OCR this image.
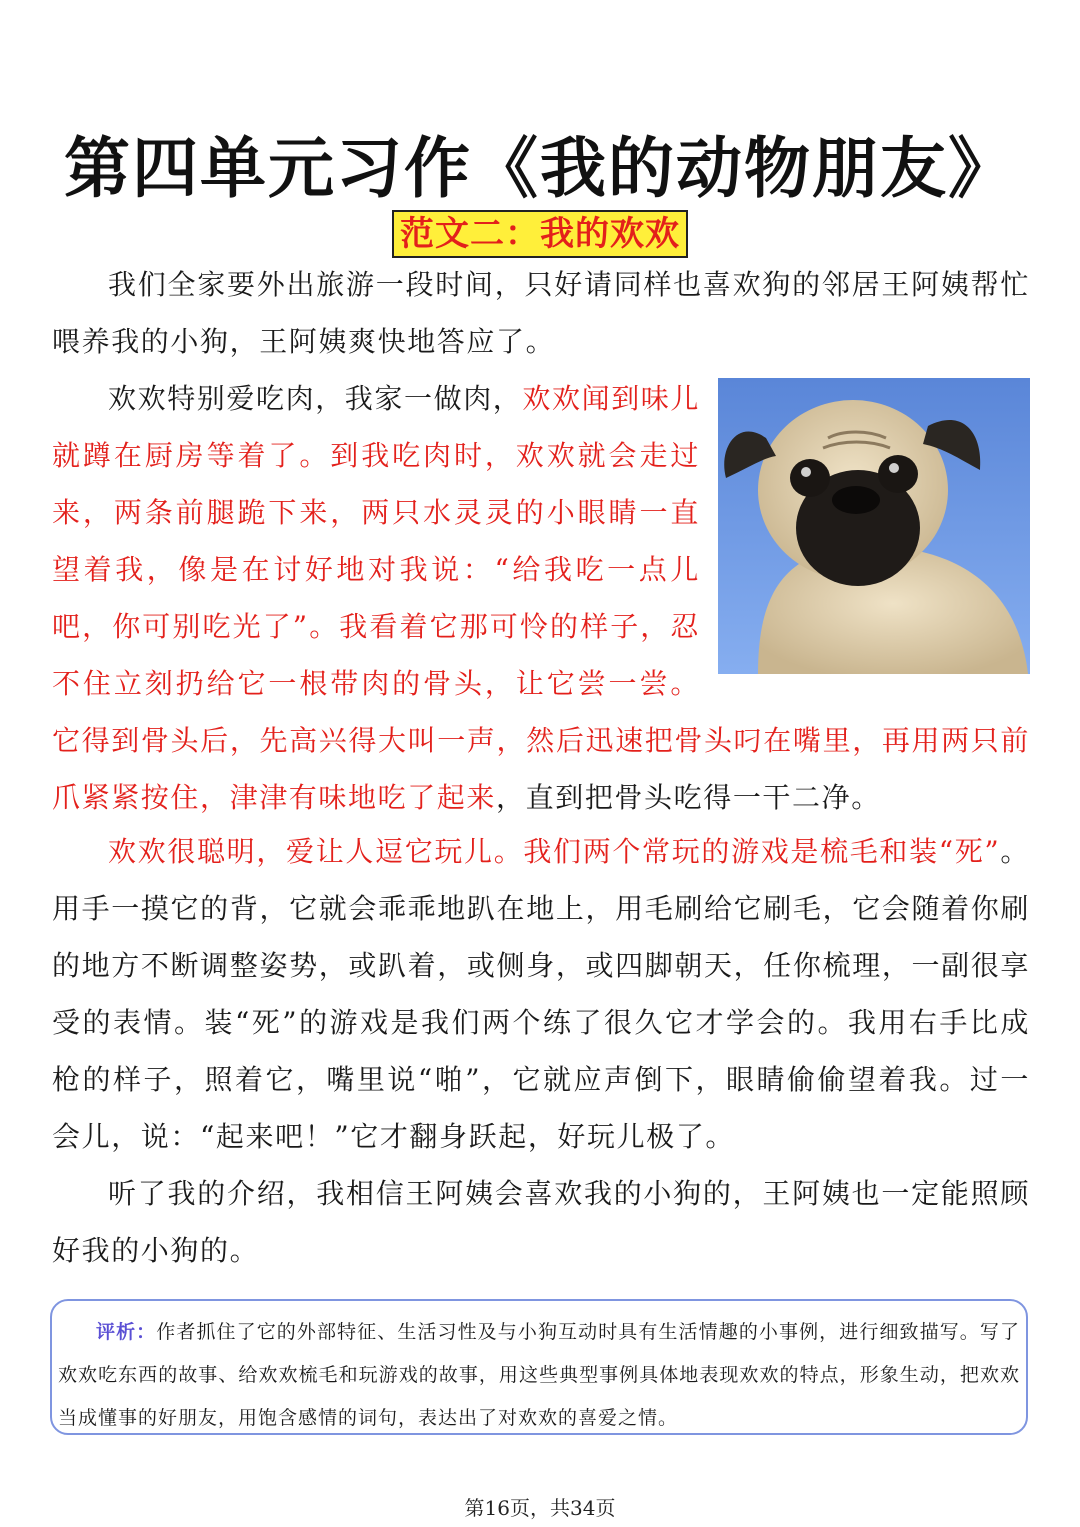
第四单元习作《我的动物朋友》
范文二：我的欢欢

我们全家要外出旅游一段时间，只好请同样也喜欢狗的邻居王阿姨帮忙喂养我的小狗，王阿姨爽快地答应了。

欢欢特别爱吃肉，我家一做肉，欢欢闻到味儿就蹲在厨房等着了。到我吃肉时，欢欢就会走过来，两条前腿跪下来，两只水灵灵的小眼睛一直望着我，像是在讨好地对我说：“给我吃一点儿吧，你可别吃光了”。我看着它那可怜的样子，忍不住立刻扔给它一根带肉的骨头，让它尝一尝。它得到骨头后，先高兴得大叫一声，然后迅速把骨头叼在嘴里，再用两只前爪紧紧按住，津津有味地吃了起来，直到把骨头吃得一干二净。

欢欢很聪明，爱让人逗它玩儿。我们两个常玩的游戏是梳毛和装“死”。用手一摸它的背，它就会乖乖地趴在地上，用毛刷给它刷毛，它会随着你刷的地方不断调整姿势，或趴着，或侧身，或四脚朝天，任你梳理，一副很享受的表情。装“死”的游戏是我们两个练了很久它才学会的。我用右手比成枪的样子，照着它，嘴里说“啪”，它就应声倒下，眼睛偷偷望着我。过一会儿，说：“起来吧！”它才翻身跃起，好玩儿极了。

听了我的介绍，我相信王阿姨会喜欢我的小狗的，王阿姨也一定能照顾好我的小狗的。

评析：作者抓住了它的外部特征、生活习性及与小狗互动时具有生活情趣的小事例，进行细致描写。写了欢欢吃东西的故事、给欢欢梳毛和玩游戏的故事，用这些典型事例具体地表现欢欢的特点，形象生动，把欢欢当成懂事的好朋友，用饱含感情的词句，表达出了对欢欢的喜爱之情。

第16页，共34页
